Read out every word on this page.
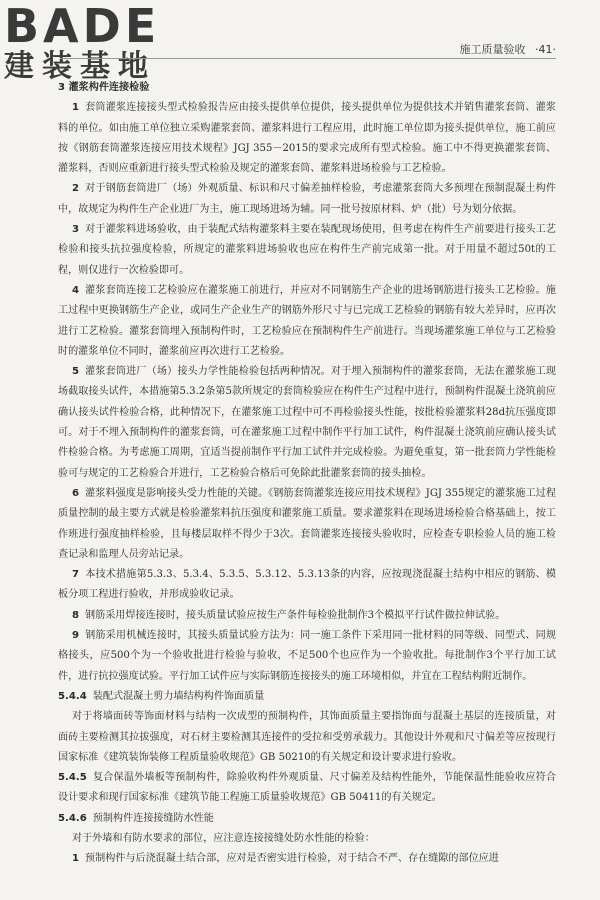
BADE
建装基地	施工质量验收 ·41·

3 灌浆构件连接检验

1 套筒灌浆连接接头型式检验报告应由接头提供单位提供，接头提供单位为提供技术并销售灌浆套筒、灌浆料的单位。如由施工单位独立采购灌浆套筒、灌浆料进行工程应用，此时施工单位即为接头提供单位，施工前应按《钢筋套筒灌浆连接应用技术规程》JGJ 355－2015的要求完成所有型式检验。施工中不得更换灌浆套筒、灌浆料，否则应重新进行接头型式检验及规定的灌浆套筒、灌浆料进场检验与工艺检验。

2 对于钢筋套筒进厂（场）外观质量、标识和尺寸偏差抽样检验，考虑灌浆套筒大多预埋在预制混凝土构件中，故规定为构件生产企业进厂为主，施工现场进场为辅。同一批号按原材料、炉（批）号为划分依据。

3 对于灌浆料进场验收，由于装配式结构灌浆料主要在装配现场使用，但考虑在构件生产前要进行接头工艺检验和接头抗拉强度检验，所规定的灌浆料进场验收也应在构件生产前完成第一批。对于用量不超过50t的工程，则仅进行一次检验即可。

4 灌浆套筒连接工艺检验应在灌浆施工前进行，并应对不同钢筋生产企业的进场钢筋进行接头工艺检验。施工过程中更换钢筋生产企业，或同生产企业生产的钢筋外形尺寸与已完成工艺检验的钢筋有较大差异时，应再次进行工艺检验。灌浆套筒埋入预制构件时，工艺检验应在预制构件生产前进行。当现场灌浆施工单位与工艺检验时的灌浆单位不同时，灌浆前应再次进行工艺检验。

5 灌浆套筒进厂（场）接头力学性能检验包括两种情况。对于埋入预制构件的灌浆套筒，无法在灌浆施工现场截取接头试件，本措施第5.3.2条第5款所规定的套筒检验应在构件生产过程中进行，预制构件混凝土浇筑前应确认接头试件检验合格，此种情况下，在灌浆施工过程中可不再检验接头性能，按批检验灌浆料28d抗压强度即可。对于不埋入预制构件的灌浆套筒，可在灌浆施工过程中制作平行加工试件，构件混凝土浇筑前应确认接头试件检验合格。为考虑施工周期，宜适当提前制作平行加工试件并完成检验。为避免重复，第一批套筒力学性能检验可与规定的工艺检验合并进行，工艺检验合格后可免除此批灌浆套筒的接头抽检。

6 灌浆料强度是影响接头受力性能的关键。《钢筋套筒灌浆连接应用技术规程》JGJ 355规定的灌浆施工过程质量控制的最主要方式就是检验灌浆料抗压强度和灌浆施工质量。要求灌浆料在现场进场检验合格基础上，按工作班进行强度抽样检验，且每楼层取样不得少于3次。套筒灌浆连接接头验收时，应检查专职检验人员的施工检查记录和监理人员旁站记录。

7 本技术措施第5.3.3、5.3.4、5.3.5、5.3.12、5.3.13条的内容，应按现浇混凝土结构中相应的钢筋、模板分项工程进行验收，并形成验收记录。

8 钢筋采用焊接连接时，接头质量试验应按生产条件每检验批制作3个模拟平行试件做拉伸试验。

9 钢筋采用机械连接时，其接头质量试验方法为：同一施工条件下采用同一批材料的同等级、同型式、同规格接头，应500个为一个验收批进行检验与验收，不足500个也应作为一个验收批。每批制作3个平行加工试件，进行抗拉强度试验。平行加工试件应与实际钢筋连接接头的施工环境相似，并宜在工程结构附近制作。

5.4.4 装配式混凝土剪力墙结构构件饰面质量

对于将墙面砖等饰面材料与结构一次成型的预制构件，其饰面质量主要指饰面与混凝土基层的连接质量，对面砖主要检测其拉拔强度，对石材主要检测其连接件的受拉和受剪承载力。其他设计外观和尺寸偏差等应按现行国家标准《建筑装饰装修工程质量验收规范》GB 50210的有关规定和设计要求进行验收。

5.4.5 复合保温外墙板等预制构件，除验收构件外观质量、尺寸偏差及结构性能外，节能保温性能验收应符合设计要求和现行国家标准《建筑节能工程施工质量验收规范》GB 50411的有关规定。

5.4.6 预制构件连接接缝防水性能

对于外墙和有防水要求的部位，应注意连接接缝处防水性能的检验：

1 预制构件与后浇混凝土结合部，应对是否密实进行检验，对于结合不严、存在缝隙的部位应进
